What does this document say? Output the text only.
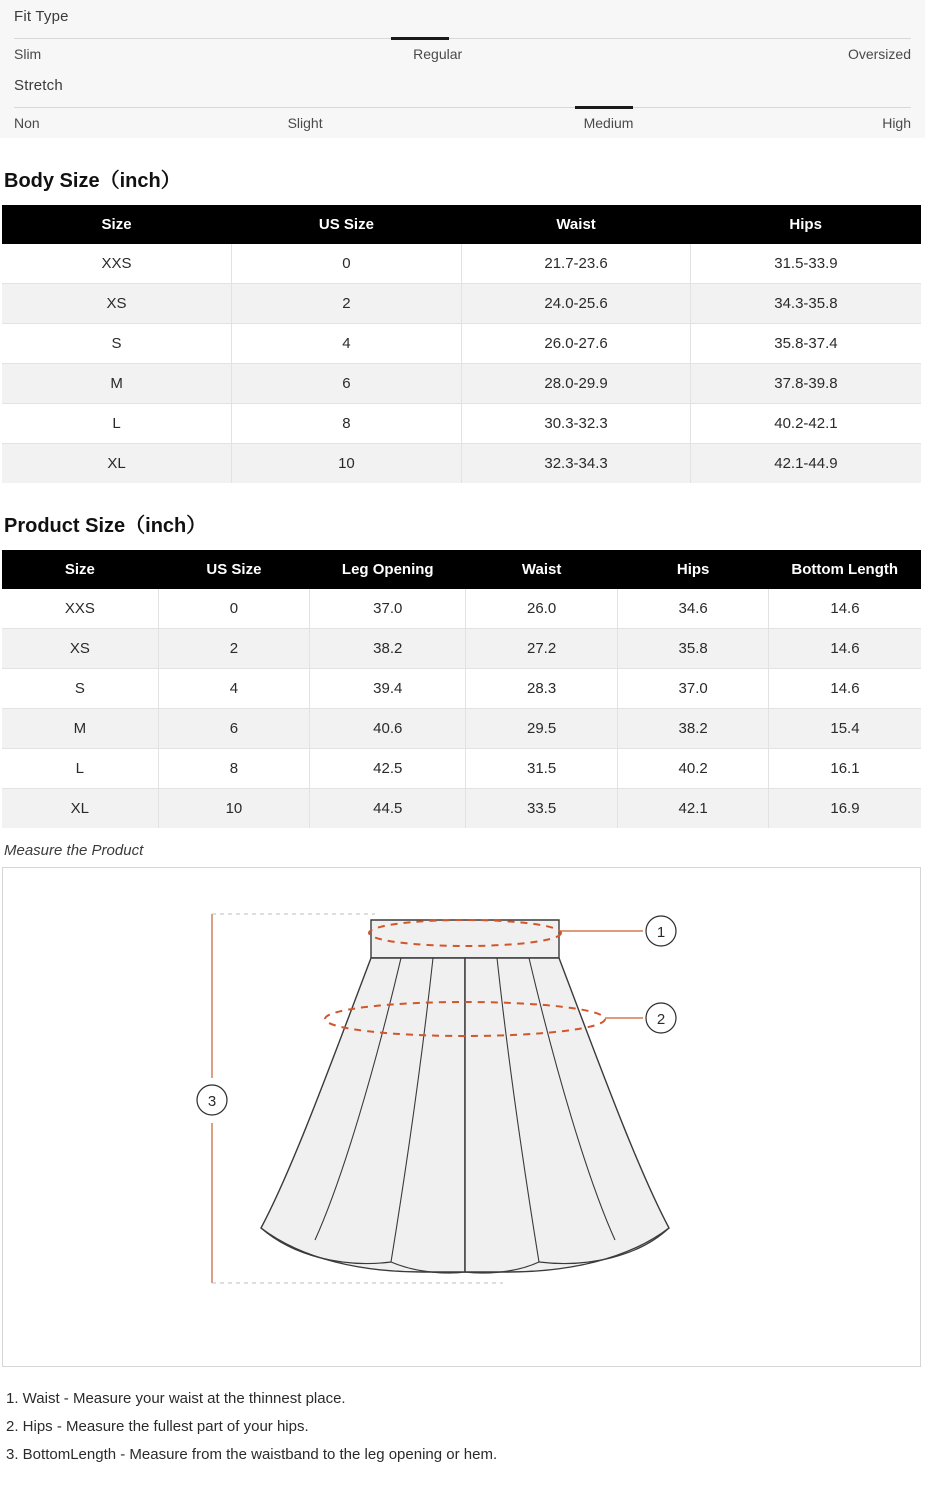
Fit Type
Slim	Regular	Oversized
Stretch
Non	Slight	Medium	High
Body Size（inch）
Size	US Size	Waist	Hips
XXS	0	21.7-23.6	31.5-33.9
XS	2	24.0-25.6	34.3-35.8
S	4	26.0-27.6	35.8-37.4
M	6	28.0-29.9	37.8-39.8
L	8	30.3-32.3	40.2-42.1
XL	10	32.3-34.3	42.1-44.9
Product Size（inch）
Size	US Size	Leg Opening	Waist	Hips	Bottom Length
XXS	0	37.0	26.0	34.6	14.6
XS	2	38.2	27.2	35.8	14.6
S	4	39.4	28.3	37.0	14.6
M	6	40.6	29.5	38.2	15.4
L	8	42.5	31.5	40.2	16.1
XL	10	44.5	33.5	42.1	16.9
Measure the Product
1
2
3
1. Waist - Measure your waist at the thinnest place.
2. Hips - Measure the fullest part of your hips.
3. BottomLength - Measure from the waistband to the leg opening or hem.
